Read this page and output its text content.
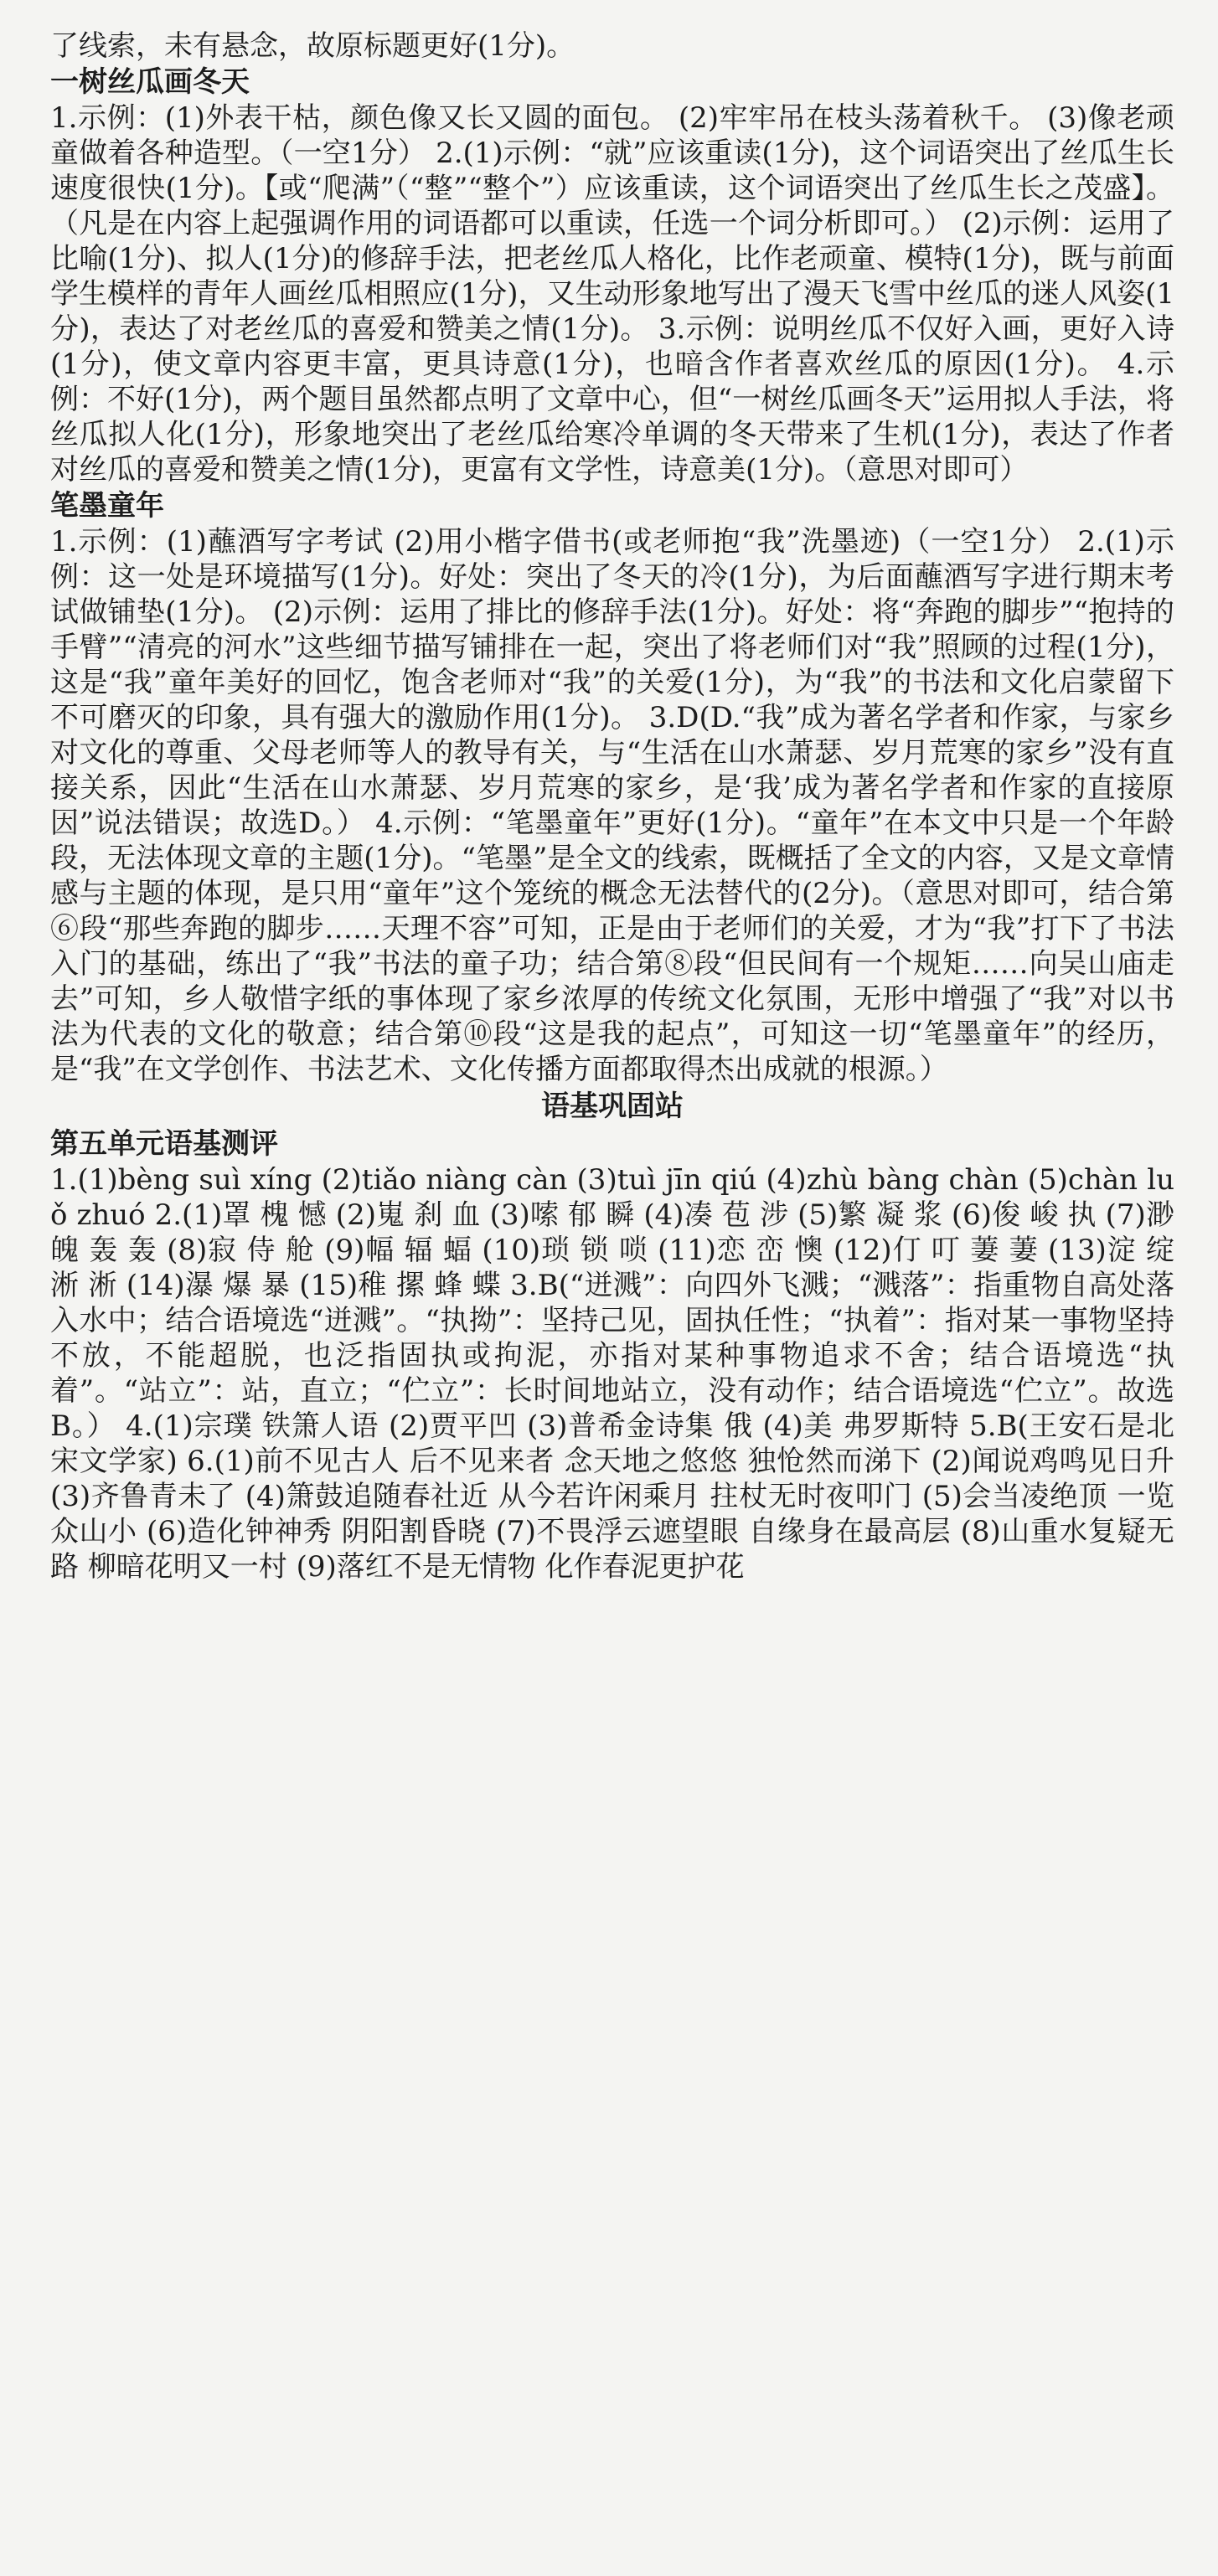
了线索，未有悬念，故原标题更好(1分)。

一树丝瓜画冬天

1.示例：(1)外表干枯，颜色像又长又圆的面包。 (2)牢牢吊在枝头荡着秋千。 (3)像老顽童做着各种造型。（一空1分） 2.(1)示例：“就”应该重读(1分)，这个词语突出了丝瓜生长速度很快(1分)。【或“爬满”（“整”“整个”）应该重读，这个词语突出了丝瓜生长之茂盛】。（凡是在内容上起强调作用的词语都可以重读，任选一个词分析即可。） (2)示例：运用了比喻(1分)、拟人(1分)的修辞手法，把老丝瓜人格化，比作老顽童、模特(1分)，既与前面学生模样的青年人画丝瓜相照应(1分)，又生动形象地写出了漫天飞雪中丝瓜的迷人风姿(1分)，表达了对老丝瓜的喜爱和赞美之情(1分)。 3.示例：说明丝瓜不仅好入画，更好入诗(1分)，使文章内容更丰富，更具诗意(1分)，也暗含作者喜欢丝瓜的原因(1分)。 4.示例：不好(1分)，两个题目虽然都点明了文章中心，但“一树丝瓜画冬天”运用拟人手法，将丝瓜拟人化(1分)，形象地突出了老丝瓜给寒冷单调的冬天带来了生机(1分)，表达了作者对丝瓜的喜爱和赞美之情(1分)，更富有文学性，诗意美(1分)。（意思对即可）

笔墨童年

1.示例：(1)蘸酒写字考试 (2)用小楷字借书(或老师抱“我”洗墨迹)（一空1分） 2.(1)示例：这一处是环境描写(1分)。好处：突出了冬天的冷(1分)，为后面蘸酒写字进行期末考试做铺垫(1分)。 (2)示例：运用了排比的修辞手法(1分)。好处：将“奔跑的脚步”“抱持的手臂”“清亮的河水”这些细节描写铺排在一起，突出了将老师们对“我”照顾的过程(1分)，这是“我”童年美好的回忆，饱含老师对“我”的关爱(1分)，为“我”的书法和文化启蒙留下不可磨灭的印象，具有强大的激励作用(1分)。 3.D(D.“我”成为著名学者和作家，与家乡对文化的尊重、父母老师等人的教导有关，与“生活在山水萧瑟、岁月荒寒的家乡”没有直接关系，因此“生活在山水萧瑟、岁月荒寒的家乡，是‘我’成为著名学者和作家的直接原因”说法错误；故选D。） 4.示例：“笔墨童年”更好(1分)。“童年”在本文中只是一个年龄段，无法体现文章的主题(1分)。“笔墨”是全文的线索，既概括了全文的内容，又是文章情感与主题的体现，是只用“童年”这个笼统的概念无法替代的(2分)。（意思对即可，结合第⑥段“那些奔跑的脚步……天理不容”可知，正是由于老师们的关爱，才为“我”打下了书法入门的基础，练出了“我”书法的童子功；结合第⑧段“但民间有一个规矩……向吴山庙走去”可知，乡人敬惜字纸的事体现了家乡浓厚的传统文化氛围，无形中增强了“我”对以书法为代表的文化的敬意；结合第⑩段“这是我的起点”，可知这一切“笔墨童年”的经历，是“我”在文学创作、书法艺术、文化传播方面都取得杰出成就的根源。）

语基巩固站
第五单元语基测评

1.(1)bèng suì xíng (2)tiǎo niàng càn (3)tuì jīn qiú (4)zhù bàng chàn (5)chàn luǒ zhuó 2.(1)罩 槐 憾 (2)嵬 刹 血 (3)嗦 郁 瞬 (4)凑 苞 涉 (5)繁 凝 浆 (6)俊 峻 执 (7)渺 魄 轰 轰 (8)寂 侍 舱 (9)幅 辐 蝠 (10)琐 锁 唢 (11)恋 峦 懊 (12)仃 叮 萋 萋 (13)淀 绽 淅 淅 (14)瀑 爆 暴 (15)稚 摞 蜂 蝶 3.B(“迸溅”：向四外飞溅；“溅落”：指重物自高处落入水中；结合语境选“迸溅”。“执拗”：坚持己见，固执任性；“执着”：指对某一事物坚持不放，不能超脱，也泛指固执或拘泥，亦指对某种事物追求不舍；结合语境选“执着”。“站立”：站，直立；“伫立”：长时间地站立，没有动作；结合语境选“伫立”。故选B。） 4.(1)宗璞 铁箫人语 (2)贾平凹 (3)普希金诗集 俄 (4)美 弗罗斯特 5.B(王安石是北宋文学家) 6.(1)前不见古人 后不见来者 念天地之悠悠 独怆然而涕下 (2)闻说鸡鸣见日升 (3)齐鲁青未了 (4)箫鼓追随春社近 从今若许闲乘月 拄杖无时夜叩门 (5)会当凌绝顶 一览众山小 (6)造化钟神秀 阴阳割昏晓 (7)不畏浮云遮望眼 自缘身在最高层 (8)山重水复疑无路 柳暗花明又一村 (9)落红不是无情物 化作春泥更护花
